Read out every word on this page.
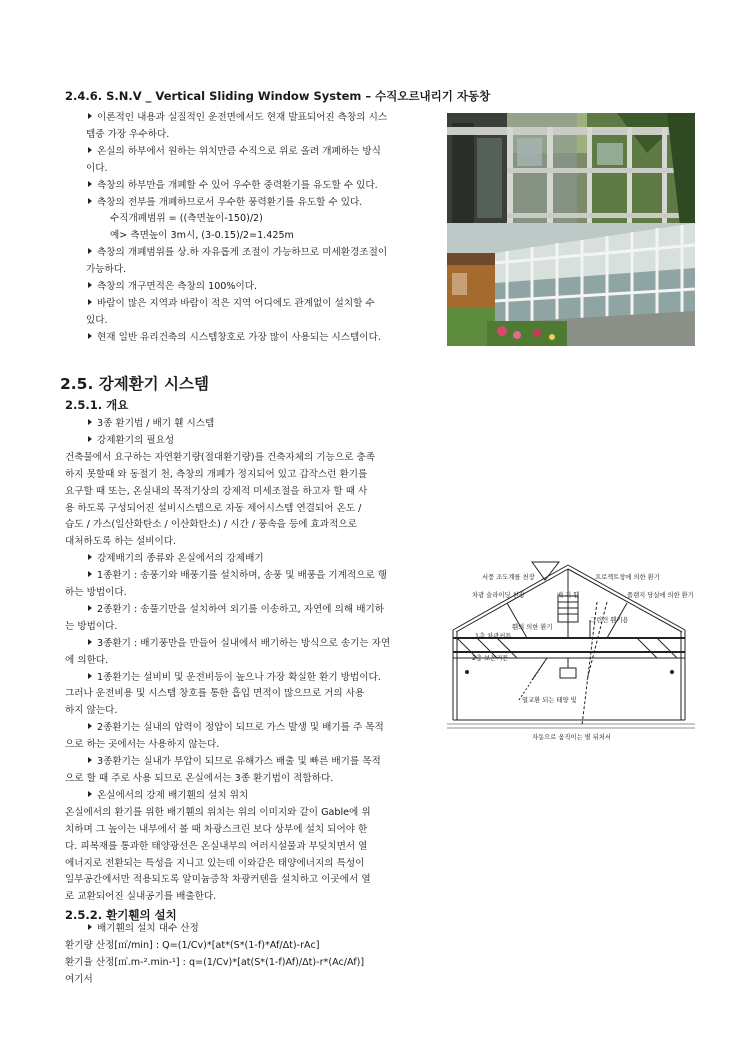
2.4.6. S.N.V _ Vertical Sliding Window System – 수직오르내리기 자동창
이론적인 내용과 실질적인 운전면에서도 현재 발표되어진 측창의 시스
템중 가장 우수하다.
온실의 하부에서 원하는 위치만큼 수직으로 위로 올려 개폐하는 방식
이다.
측창의 하부만을 개폐할 수 있어 우수한 중력환기를 유도할 수 있다.
측창의 전부를 개폐하므로서 우수한 풍력환기를 유도할 수 있다.
수직개폐범위 = ((측면높이-150)/2)
예> 측면높이 3m시, (3-0.15)/2=1.425m
측창의 개폐범위를 상.하 자유롭게 조절이 가능하므로 미세환경조절이
가능하다.
측창의 개구면적은 측창의 100%이다.
바람이 많은 지역과 바람이 적은 지역 어디에도 관계없이 설치할 수
있다.
현재 일반 유리건축의 시스템창호로 가장 많이 사용되는 시스템이다.
2.5. 강제환기 시스템
2.5.1. 개요
3종 환기법 / 배기 휀 시스템
강제환기의 필요성
건축물에서 요구하는 자연환기량(절대환기량)를 건축자체의 기능으로 충족
하지 못할때 와 동절기 천, 측창의 개폐가 정지되어 있고 갑작스런 환기를
요구할 때 또는, 온실내의 목적기상의 강제적 미세조절을 하고자 할 때 사
용 하도록 구성되어진 설비시스템으로 자동 제어시스템 연결되어 온도 /
습도 / 가스(일산화탄소 / 이산화탄소) / 시간 / 풍속을 등에 효과적으로
대처하도록 하는 설비이다.
강제배기의 종류와 온실에서의 강제배기
1종환기 : 송풍기와 배풍기를 설치하며, 송풍 및 배풍을 기계적으로 행
하는 방법이다.
2종환기 : 송풀기만을 설치하여 외기를 이송하고, 자연에 의해 배기하
는 방법이다.
3종환기 : 배기풍만을 만들어 실내에서 배기하는 방식으로 송기는 자연
에 의한다.
1종환기는 설비비 및 운전비등이 높으나 가장 확실한 환기 방법이다.
그러나 운전비용 및 시스템 창호를 통한 흡입 면적이 많으므로 거의 사용
하지 않는다.
2종환기는 실내의 압력이 정압이 되므로 가스 발생 및 배기를 주 목적
으로 하는 곳에서는 사용하지 않는다.
3종환기는 실내가 부압이 되므로 유해가스 배출 및 빠른 배기를 목적
으로 할 때 주로 사용 되므로 온실에서는 3종 환기법이 적합하다.
온실에서의 강제 배기휀의 설치 위치
온실에서의 환기를 위한 배기휀의 위치는 위의 이미지와 같이 Gable에 위
치하며 그 높이는 내부에서 볼 때 차광스크린 보다 상부에 설치 되어야 한
다. 피복재를 통과한 태양광선은 온실내부의 여러시설물과 부딪치면서 열
에너지로 전환되는 특성을 지니고 있는데 이와같은 태양에너지의 특성이
일부공간에서만 적용되도록 알미늄증착 차광커텐을 설치하고 이곳에서 열
로 교환되어진 실내공기를 배출한다.
서풍 조도계를 천장	프로젝트창에 의한 환기
차광 슬라이딩 천장	플랜지 당실에 의한 환기
배 기 휀
휀의 의한 환기
그린건 휀기용
1층 차광커튼
2층 보온커튼
열교환 되는 태양 빛
자동으로 움직이는 볕 뒤처서
2.5.2. 환기휀의 설치
배기휀의 설치 대수 산정
환기량 산정[㎥/min] : Q=(1/Cv)*[at*(S*(1-f)*Af/Δt)-rAc]
환기율 산정[㎥.m-².min-¹] : q=(1/Cv)*[at(S*(1-f)Af)/Δt)-r*(Ac/Af)]
여기서
